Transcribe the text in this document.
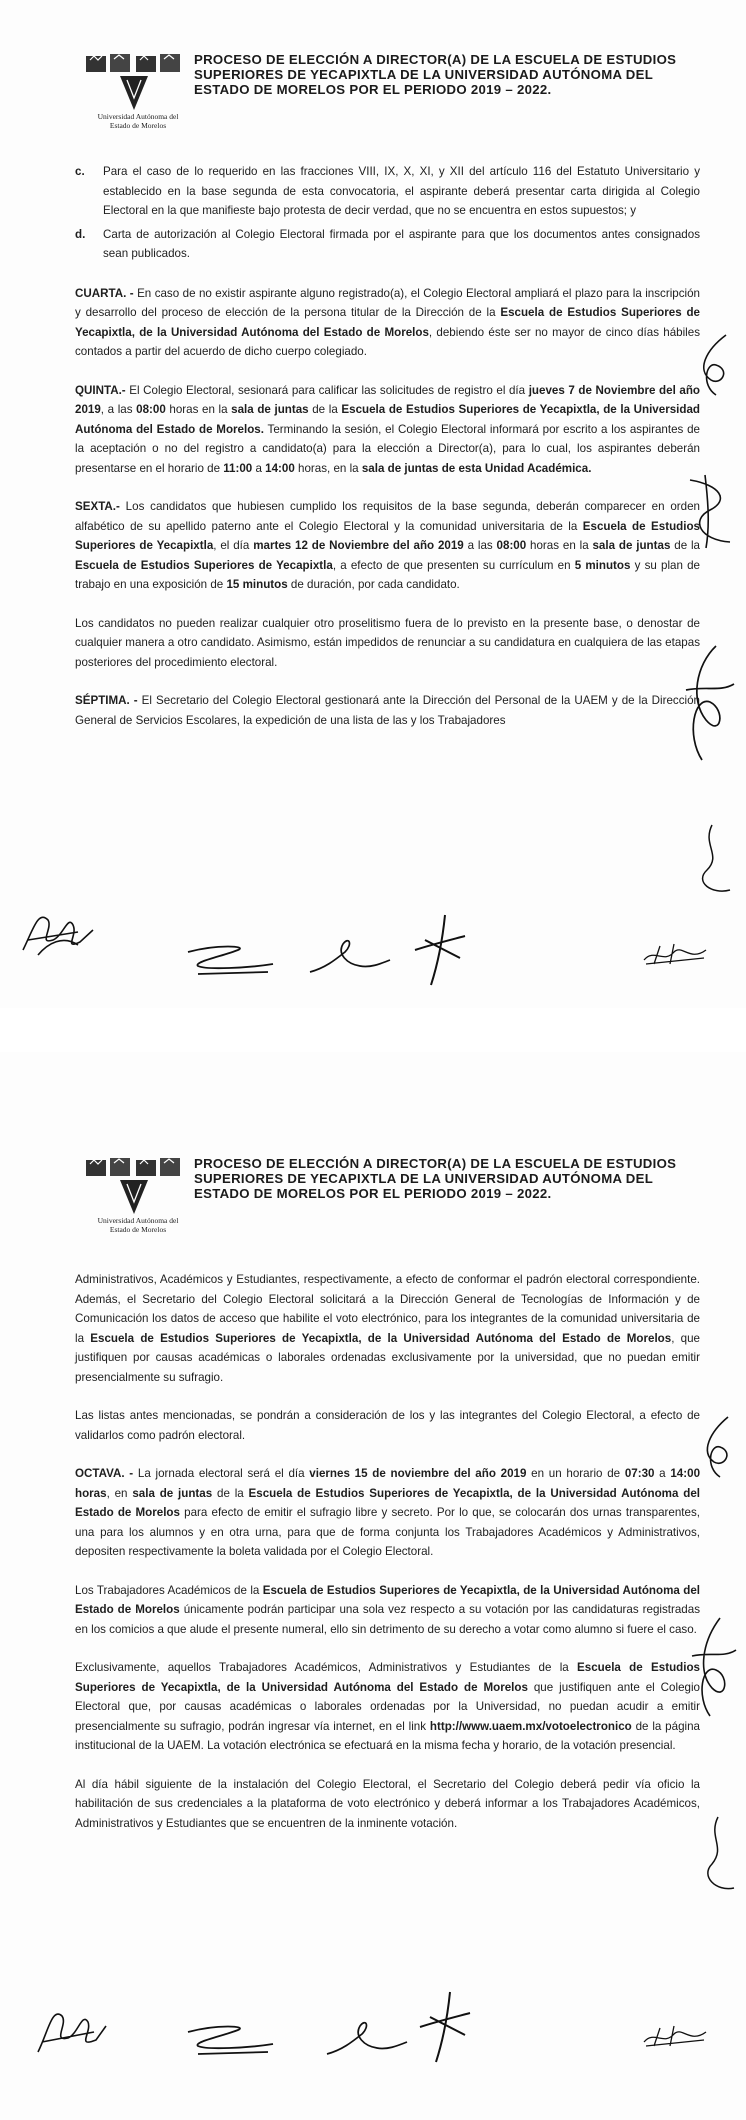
Universidad Autónoma del
Estado de Morelos
PROCESO DE ELECCIÓN A DIRECTOR(A) DE LA ESCUELA DE ESTUDIOS SUPERIORES DE YECAPIXTLA DE LA UNIVERSIDAD AUTÓNOMA DEL ESTADO DE MORELOS POR EL PERIODO 2019 – 2022.
c. Para el caso de lo requerido en las fracciones VIII, IX, X, XI, y XII del artículo 116 del Estatuto Universitario y establecido en la base segunda de esta convocatoria, el aspirante deberá presentar carta dirigida al Colegio Electoral en la que manifieste bajo protesta de decir verdad, que no se encuentra en estos supuestos; y
d. Carta de autorización al Colegio Electoral firmada por el aspirante para que los documentos antes consignados sean publicados.

CUARTA. - En caso de no existir aspirante alguno registrado(a), el Colegio Electoral ampliará el plazo para la inscripción y desarrollo del proceso de elección de la persona titular de la Dirección de la Escuela de Estudios Superiores de Yecapixtla, de la Universidad Autónoma del Estado de Morelos, debiendo éste ser no mayor de cinco días hábiles contados a partir del acuerdo de dicho cuerpo colegiado.

QUINTA.- El Colegio Electoral, sesionará para calificar las solicitudes de registro el día jueves 7 de Noviembre del año 2019, a las 08:00 horas en la sala de juntas de la Escuela de Estudios Superiores de Yecapixtla, de la Universidad Autónoma del Estado de Morelos. Terminando la sesión, el Colegio Electoral informará por escrito a los aspirantes de la aceptación o no del registro a candidato(a) para la elección a Director(a), para lo cual, los aspirantes deberán presentarse en el horario de 11:00 a 14:00 horas, en la sala de juntas de esta Unidad Académica.

SEXTA.- Los candidatos que hubiesen cumplido los requisitos de la base segunda, deberán comparecer en orden alfabético de su apellido paterno ante el Colegio Electoral y la comunidad universitaria de la Escuela de Estudios Superiores de Yecapixtla, el día martes 12 de Noviembre del año 2019 a las 08:00 horas en la sala de juntas de la Escuela de Estudios Superiores de Yecapixtla, a efecto de que presenten su currículum en 5 minutos y su plan de trabajo en una exposición de 15 minutos de duración, por cada candidato.

Los candidatos no pueden realizar cualquier otro proselitismo fuera de lo previsto en la presente base, o denostar de cualquier manera a otro candidato. Asimismo, están impedidos de renunciar a su candidatura en cualquiera de las etapas posteriores del procedimiento electoral.

SÉPTIMA. - El Secretario del Colegio Electoral gestionará ante la Dirección del Personal de la UAEM y de la Dirección General de Servicios Escolares, la expedición de una lista de las y los Trabajadores

Universidad Autónoma del
Estado de Morelos
PROCESO DE ELECCIÓN A DIRECTOR(A) DE LA ESCUELA DE ESTUDIOS SUPERIORES DE YECAPIXTLA DE LA UNIVERSIDAD AUTÓNOMA DEL ESTADO DE MORELOS POR EL PERIODO 2019 – 2022.

Administrativos, Académicos y Estudiantes, respectivamente, a efecto de conformar el padrón electoral correspondiente. Además, el Secretario del Colegio Electoral solicitará a la Dirección General de Tecnologías de Información y de Comunicación los datos de acceso que habilite el voto electrónico, para los integrantes de la comunidad universitaria de la Escuela de Estudios Superiores de Yecapixtla, de la Universidad Autónoma del Estado de Morelos, que justifiquen por causas académicas o laborales ordenadas exclusivamente por la universidad, que no puedan emitir presencialmente su sufragio.

Las listas antes mencionadas, se pondrán a consideración de los y las integrantes del Colegio Electoral, a efecto de validarlos como padrón electoral.

OCTAVA. - La jornada electoral será el día viernes 15 de noviembre del año 2019 en un horario de 07:30 a 14:00 horas, en sala de juntas de la Escuela de Estudios Superiores de Yecapixtla, de la Universidad Autónoma del Estado de Morelos para efecto de emitir el sufragio libre y secreto. Por lo que, se colocarán dos urnas transparentes, una para los alumnos y en otra urna, para que de forma conjunta los Trabajadores Académicos y Administrativos, depositen respectivamente la boleta validada por el Colegio Electoral.

Los Trabajadores Académicos de la Escuela de Estudios Superiores de Yecapixtla, de la Universidad Autónoma del Estado de Morelos únicamente podrán participar una sola vez respecto a su votación por las candidaturas registradas en los comicios a que alude el presente numeral, ello sin detrimento de su derecho a votar como alumno si fuere el caso.

Exclusivamente, aquellos Trabajadores Académicos, Administrativos y Estudiantes de la Escuela de Estudios Superiores de Yecapixtla, de la Universidad Autónoma del Estado de Morelos que justifiquen ante el Colegio Electoral que, por causas académicas o laborales ordenadas por la Universidad, no puedan acudir a emitir presencialmente su sufragio, podrán ingresar vía internet, en el link http://www.uaem.mx/votoelectronico de la página institucional de la UAEM. La votación electrónica se efectuará en la misma fecha y horario, de la votación presencial.

Al día hábil siguiente de la instalación del Colegio Electoral, el Secretario del Colegio deberá pedir vía oficio la habilitación de sus credenciales a la plataforma de voto electrónico y deberá informar a los Trabajadores Académicos, Administrativos y Estudiantes que se encuentren de la inminente votación.
